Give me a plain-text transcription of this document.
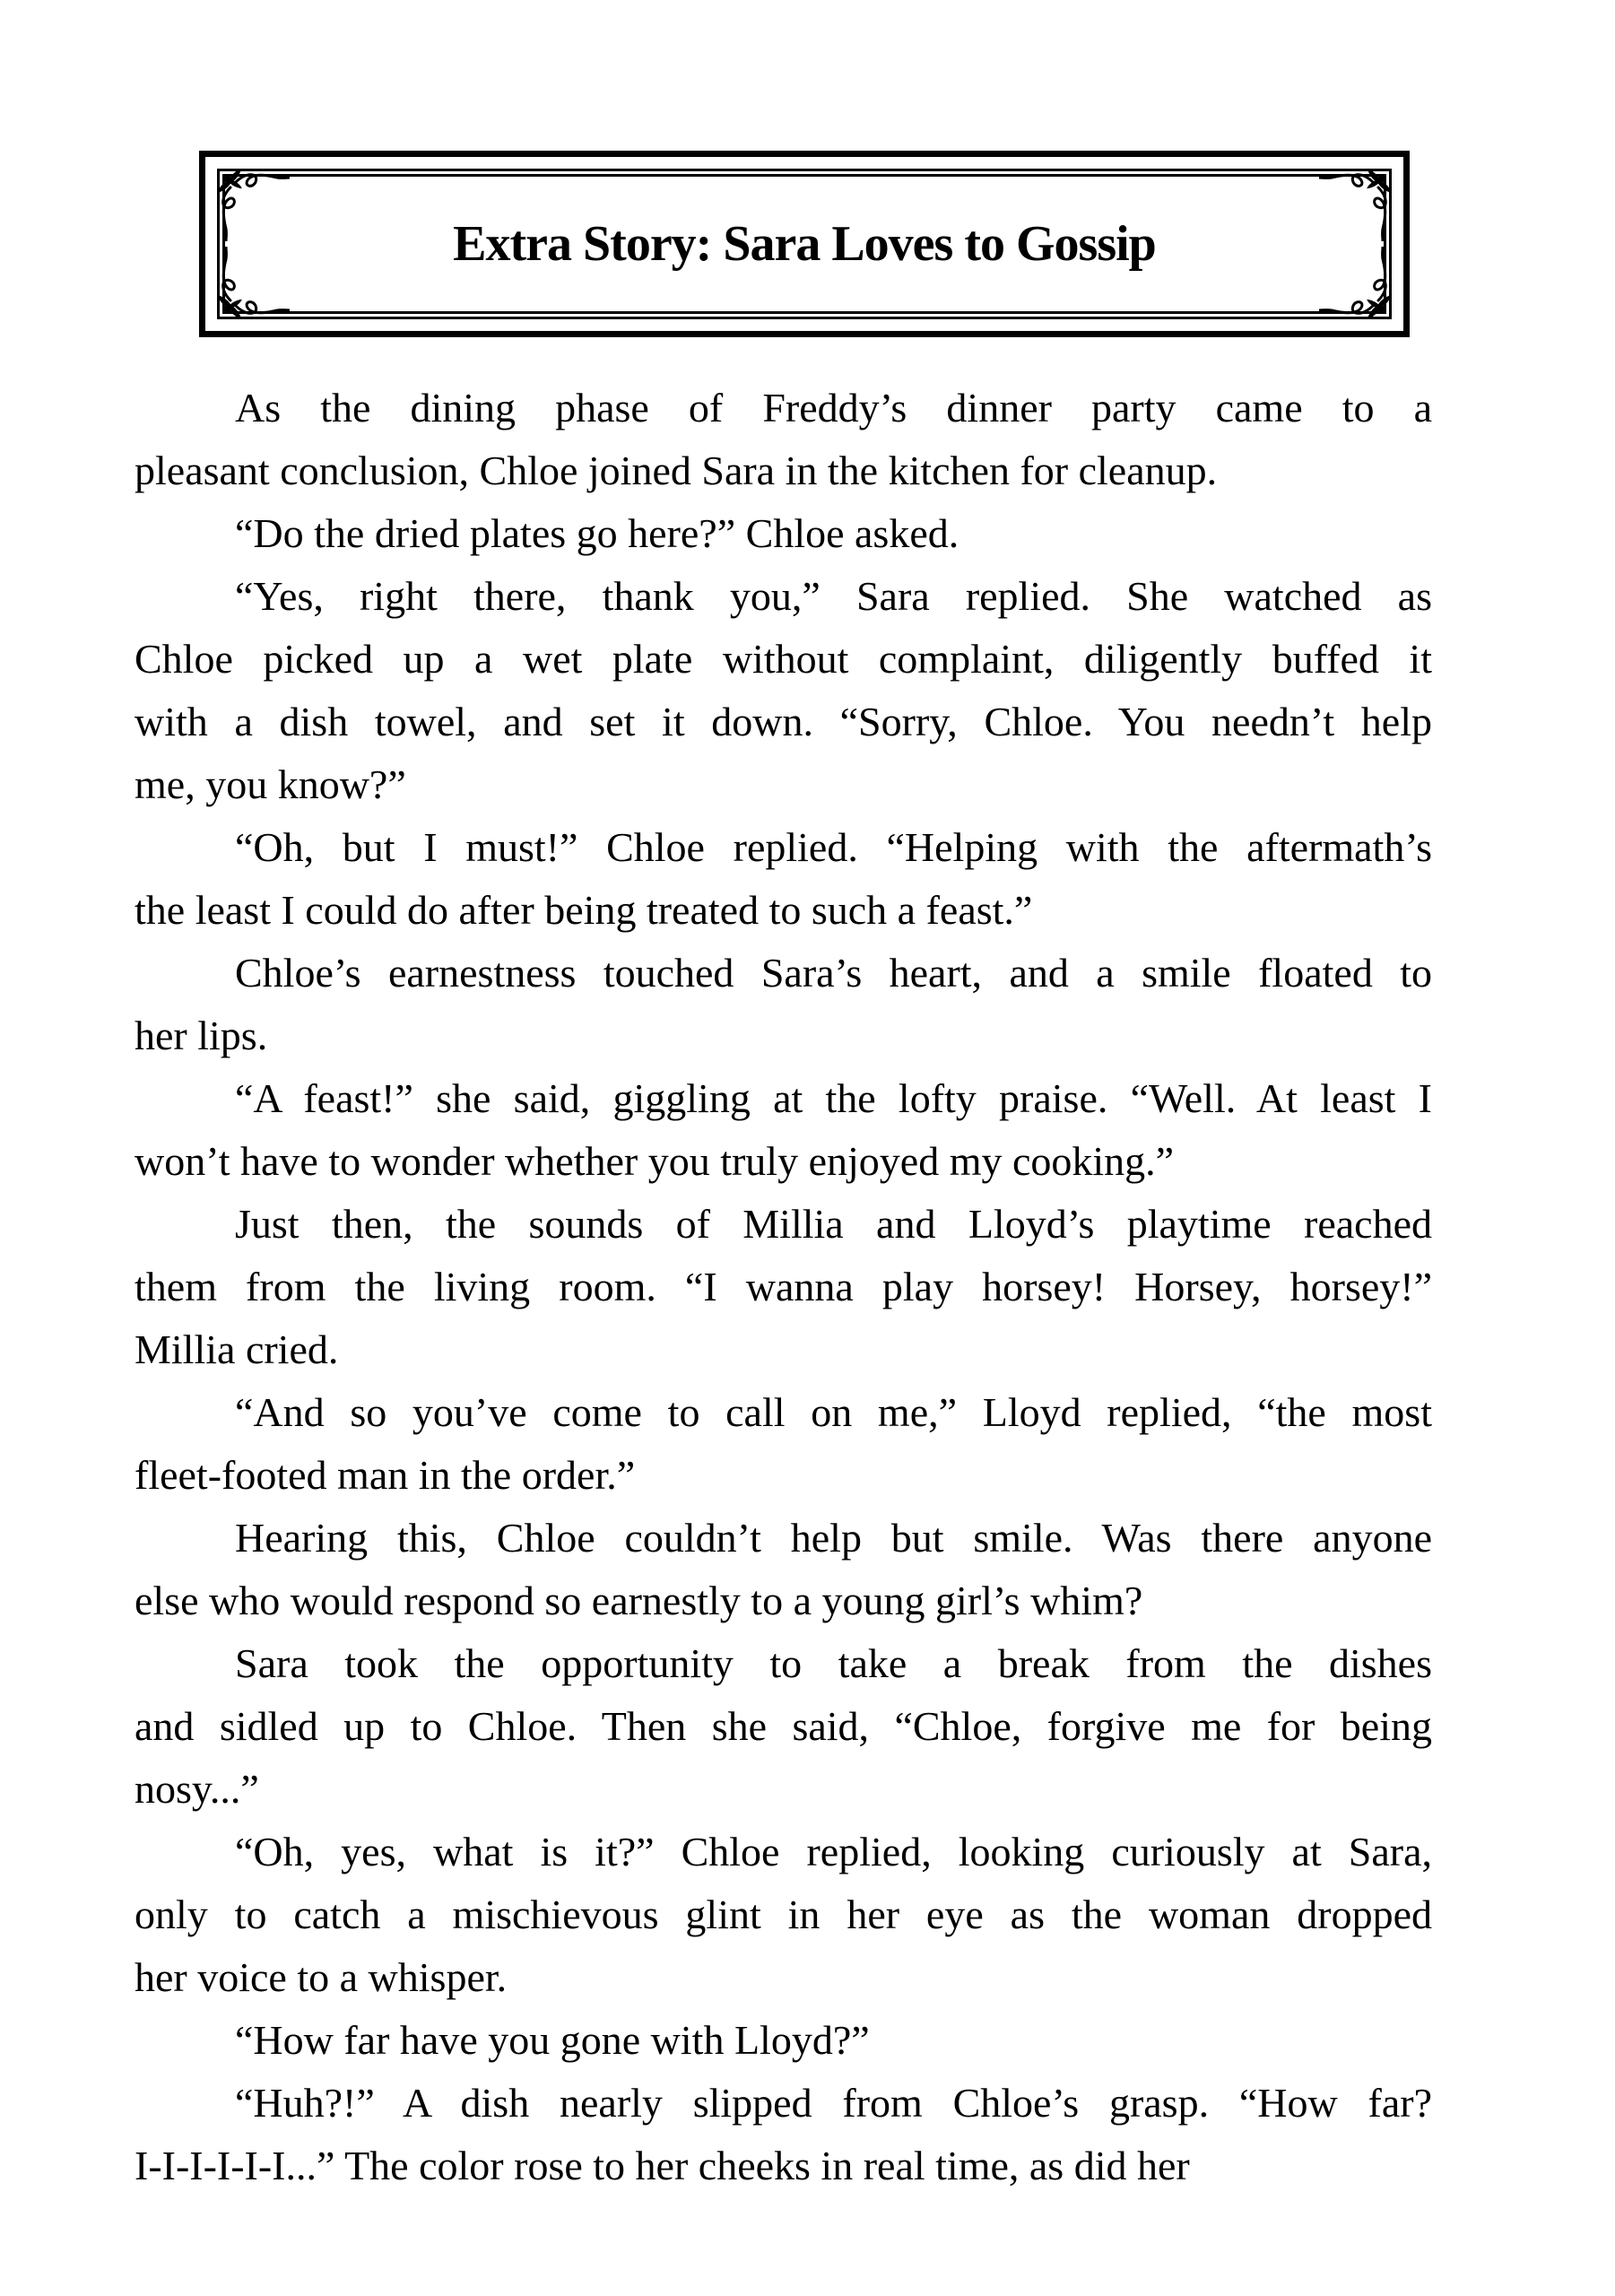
Extra Story: Sara Loves to Gossip
As the dining phase of Freddy’s dinner party came to a
pleasant conclusion, Chloe joined Sara in the kitchen for cleanup.
“Do the dried plates go here?” Chloe asked.
“Yes, right there, thank you,” Sara replied. She watched as
Chloe picked up a wet plate without complaint, diligently buffed it
with a dish towel, and set it down. “Sorry, Chloe. You needn’t help
me, you know?”
“Oh, but I must!” Chloe replied. “Helping with the aftermath’s
the least I could do after being treated to such a feast.”
Chloe’s earnestness touched Sara’s heart, and a smile floated to
her lips.
“A feast!” she said, giggling at the lofty praise. “Well. At least I
won’t have to wonder whether you truly enjoyed my cooking.”
Just then, the sounds of Millia and Lloyd’s playtime reached
them from the living room. “I wanna play horsey! Horsey, horsey!”
Millia cried.
“And so you’ve come to call on me,” Lloyd replied, “the most
fleet-footed man in the order.”
Hearing this, Chloe couldn’t help but smile. Was there anyone
else who would respond so earnestly to a young girl’s whim?
Sara took the opportunity to take a break from the dishes
and sidled up to Chloe. Then she said, “Chloe, forgive me for being
nosy...”
“Oh, yes, what is it?” Chloe replied, looking curiously at Sara,
only to catch a mischievous glint in her eye as the woman dropped
her voice to a whisper.
“How far have you gone with Lloyd?”
“Huh?!” A dish nearly slipped from Chloe’s grasp. “How far?
I-I-I-I-I-I...” The color rose to her cheeks in real time, as did her
